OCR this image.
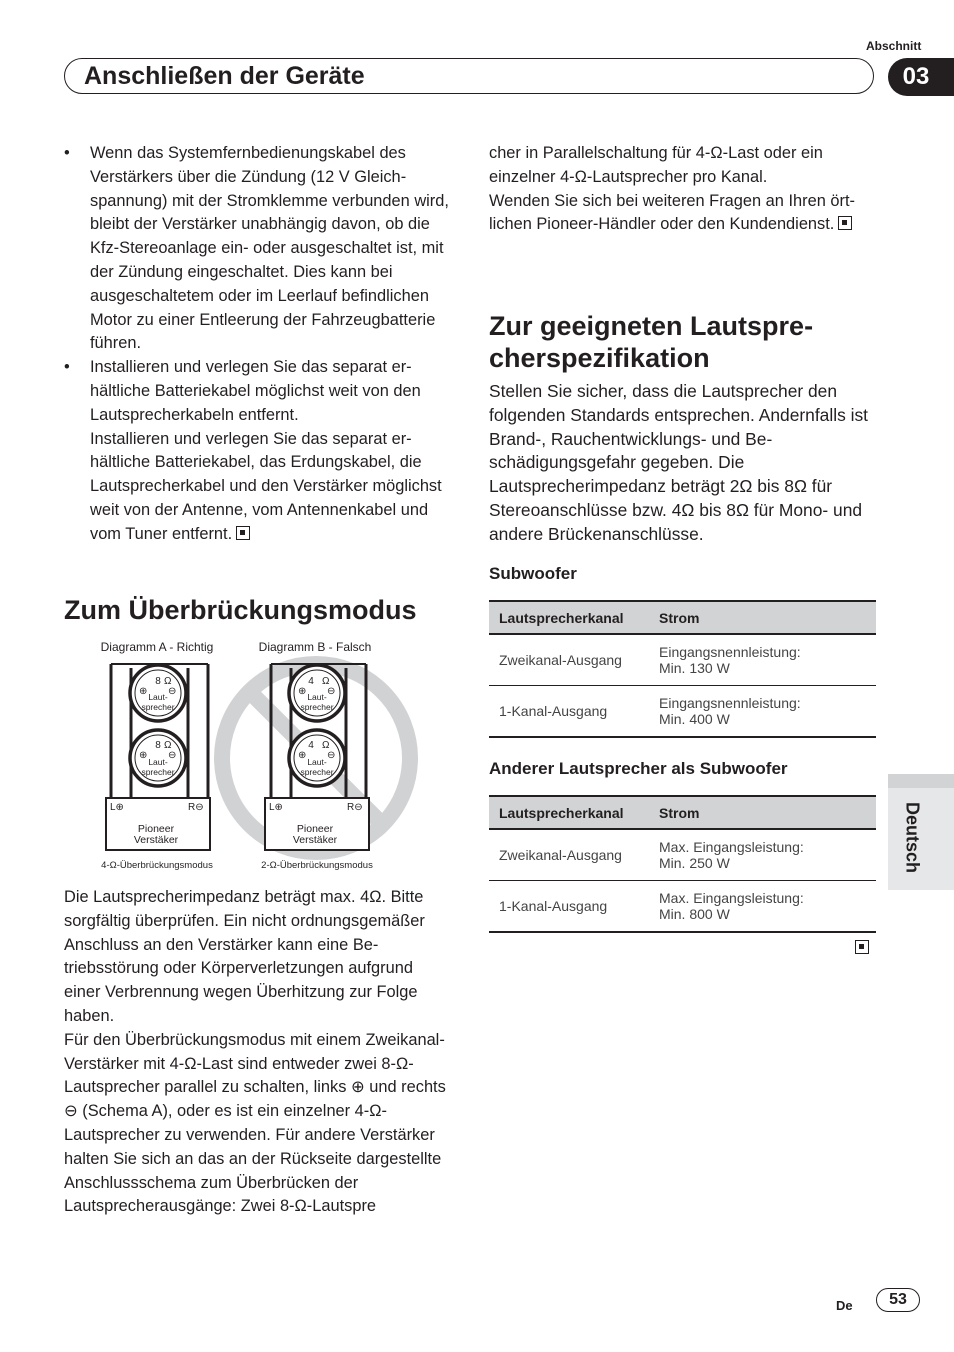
Abschnitt
Anschließen der Geräte	03
• Wenn das Systemfernbedienungskabel des Verstärkers über die Zündung (12 V Gleichspannung) mit der Stromklemme verbunden wird, bleibt der Verstärker unabhängig davon, ob die Kfz-Stereoanlage ein- oder ausgeschaltet ist, mit der Zündung eingeschaltet. Dies kann bei ausgeschaltetem oder im Leerlauf befindlichen Motor zu einer Entleerung der Fahrzeugbatterie führen.
• Installieren und verlegen Sie das separat erhältliche Batteriekabel möglichst weit von den Lautsprecherkabeln entfernt.
Installieren und verlegen Sie das separat erhältliche Batteriekabel, das Erdungskabel, die Lautsprecherkabel und den Verstärker möglichst weit von der Antenne, vom Antennenkabel und vom Tuner entfernt.
Zum Überbrückungsmodus
Diagramm A - Richtig
8 Ω
⊕ ⊖
Laut-
sprecher
8 Ω
⊕ ⊖
Laut-
sprecher
L⊕	R⊖
Pioneer
Verstäker
4-Ω-Überbrückungsmodus
Diagramm B - Falsch
4 Ω
⊕ ⊖
Laut-
sprecher
4 Ω
⊕ ⊖
Laut-
sprecher
L⊕	R⊖
Pioneer
Verstäker
2-Ω-Überbrückungsmodus

Die Lautsprecherimpedanz beträgt max. 4Ω. Bitte sorgfältig überprüfen. Ein nicht ordnungsgemäßer Anschluss an den Verstärker kann eine Betriebsstörung oder Körperverletzungen aufgrund einer Verbrennung wegen Überhitzung zur Folge haben.

Für den Überbrückungsmodus mit einem Zweikanal-Verstärker mit 4-Ω-Last sind entweder zwei 8-Ω-Lautsprecher parallel zu schalten, links ⊕ und rechts ⊖ (Schema A), oder es ist ein einzelner 4-Ω-Lautsprecher zu verwenden. Für andere Verstärker halten Sie sich an das an der Rückseite dargestellte Anschlussschema zum Überbrücken der Lautsprecherausgänge: Zwei 8-Ω-Lautspre

cher in Parallelschaltung für 4-Ω-Last oder ein einzelner 4-Ω-Lautsprecher pro Kanal.

Wenden Sie sich bei weiteren Fragen an Ihren örtlichen Pioneer-Händler oder den Kundendienst.

Zur geeigneten Lautsprecherspezifikation

Stellen Sie sicher, dass die Lautsprecher den folgenden Standards entsprechen. Andernfalls ist Brand-, Rauchentwicklungs- und Beschädigungsgefahr gegeben. Die Lautsprecherimpedanz beträgt 2Ω bis 8Ω für Stereoanschlüsse bzw. 4Ω bis 8Ω für Mono- und andere Brückenanschlüsse.

Subwoofer
Lautsprecherkanal	Strom
Zweikanal-Ausgang	Eingangsnennleistung:
Min. 130 W

1-Kanal-Ausgang	Eingangsnennleistung:
Min. 400 W
Anderer Lautsprecher als Subwoofer
Lautsprecherkanal	Strom
Zweikanal-Ausgang	Max. Eingangsleistung:
Min. 250 W

1-Kanal-Ausgang	Max. Eingangsleistung:
Min. 800 W
Deutsch
De	53
